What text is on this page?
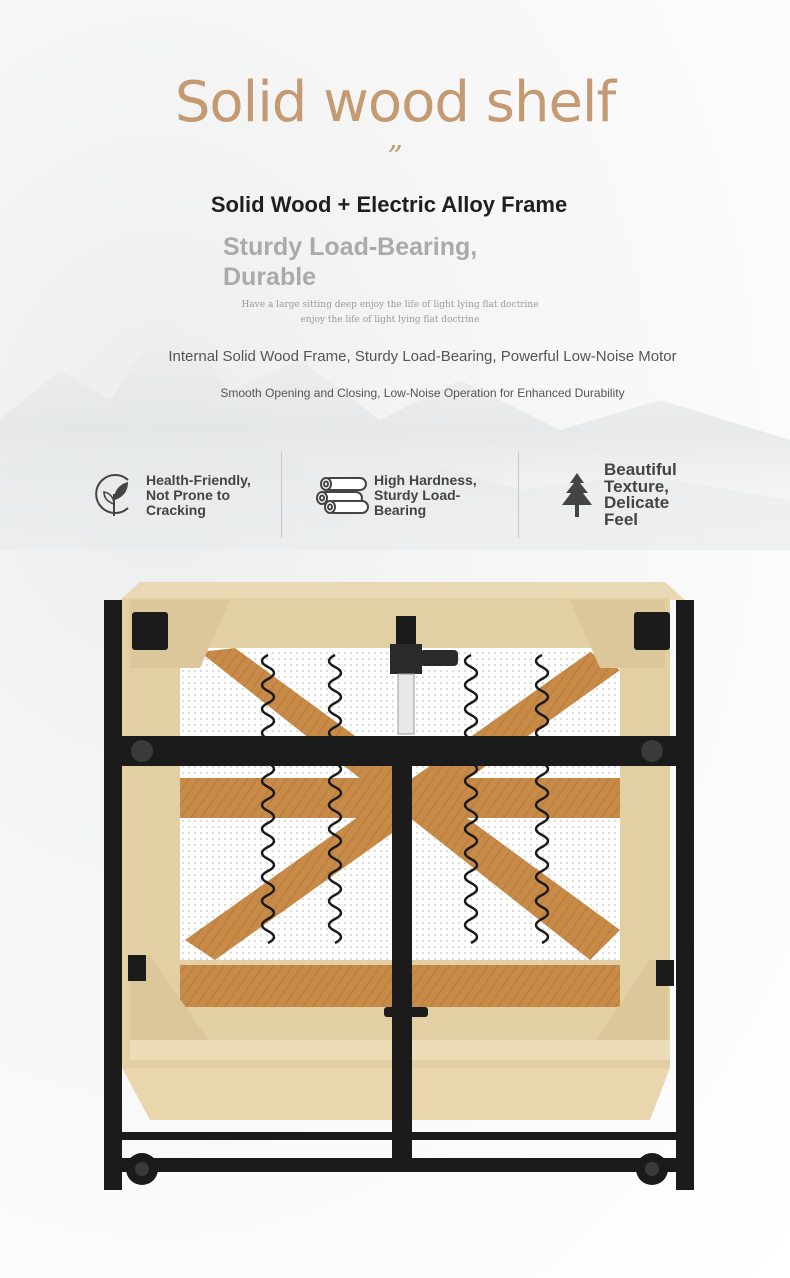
Solid wood shelf
”
Solid Wood + Electric Alloy Frame
Sturdy Load-Bearing, Durable
Have a large sitting deep enjoy the life of light lying flat doctrine
enjoy the life of light lying flat doctrine
Internal Solid Wood Frame, Sturdy Load-Bearing, Powerful Low-Noise Motor
Smooth Opening and Closing, Low-Noise Operation for Enhanced Durability
Health-Friendly, Not Prone to Cracking
High Hardness, Sturdy Load-Bearing
Beautiful Texture, Delicate Feel
